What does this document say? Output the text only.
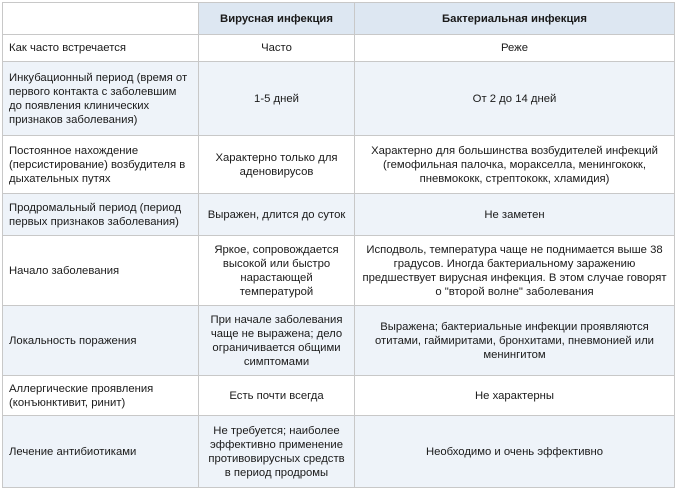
	Вирусная инфекция	Бактериальная инфекция
Как часто встречается	Часто	Реже
Инкубационный период (время от первого контакта с заболевшим до появления клинических признаков заболевания)	1-5 дней	От 2 до 14 дней
Постоянное нахождение (персистирование) возбудителя в дыхательных путях	Характерно только для аденовирусов	Характерно для большинства возбудителей инфекций (гемофильная палочка, моракселла, менингококк, пневмококк, стрептококк, хламидия)
Продромальный период (период первых признаков заболевания)	Выражен, длится до суток	Не заметен
Начало заболевания	Яркое, сопровождается высокой или быстро нарастающей температурой	Исподволь, температура чаще не поднимается выше 38 градусов. Иногда бактериальному заражению предшествует вирусная инфекция. В этом случае говорят о "второй волне" заболевания
Локальность поражения	При начале заболевания чаще не выражена; дело ограничивается общими симптомами	Выражена; бактериальные инфекции проявляются отитами, гаймиритами, бронхитами, пневмонией или менингитом
Аллергические проявления (конъюнктивит, ринит)	Есть почти всегда	Не характерны
Лечение антибиотиками	Не требуется; наиболее эффективно применение противовирусных средств в период продромы	Необходимо и очень эффективно
